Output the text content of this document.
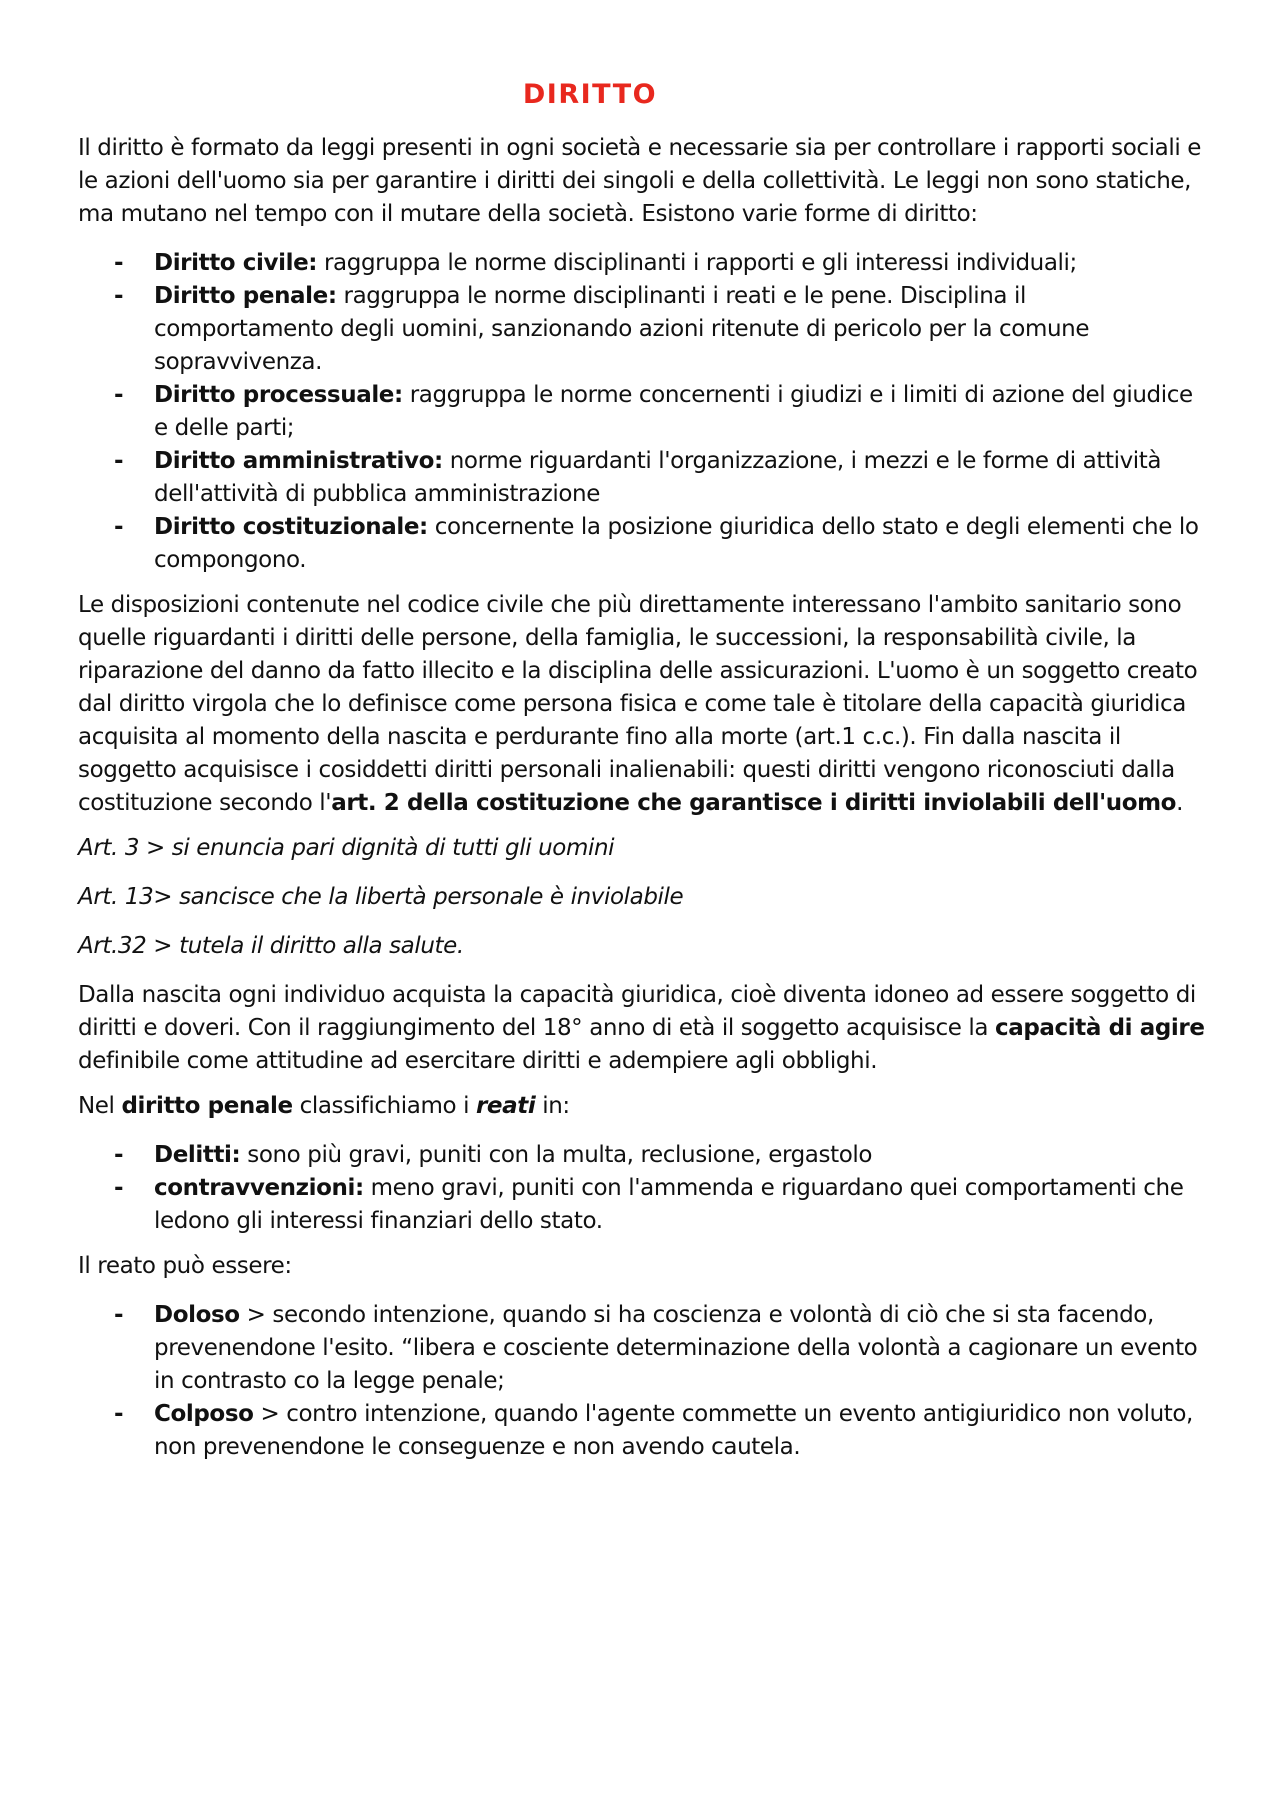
DIRITTO

Il diritto è formato da leggi presenti in ogni società e necessarie sia per controllare i rapporti sociali e le azioni dell'uomo sia per garantire i diritti dei singoli e della collettività. Le leggi non sono statiche, ma mutano nel tempo con il mutare della società. Esistono varie forme di diritto:

- Diritto civile: raggruppa le norme disciplinanti i rapporti e gli interessi individuali;
- Diritto penale: raggruppa le norme disciplinanti i reati e le pene. Disciplina il comportamento degli uomini, sanzionando azioni ritenute di pericolo per la comune sopravvivenza.
- Diritto processuale: raggruppa le norme concernenti i giudizi e i limiti di azione del giudice e delle parti;
- Diritto amministrativo: norme riguardanti l'organizzazione, i mezzi e le forme di attività dell'attività di pubblica amministrazione
- Diritto costituzionale: concernente la posizione giuridica dello stato e degli elementi che lo compongono.

Le disposizioni contenute nel codice civile che più direttamente interessano l'ambito sanitario sono quelle riguardanti i diritti delle persone, della famiglia, le successioni, la responsabilità civile, la riparazione del danno da fatto illecito e la disciplina delle assicurazioni. L'uomo è un soggetto creato dal diritto virgola che lo definisce come persona fisica e come tale è titolare della capacità giuridica acquisita al momento della nascita e perdurante fino alla morte (art.1 c.c.). Fin dalla nascita il soggetto acquisisce i cosiddetti diritti personali inalienabili: questi diritti vengono riconosciuti dalla costituzione secondo l'art. 2 della costituzione che garantisce i diritti inviolabili dell'uomo.

Art. 3 > si enuncia pari dignità di tutti gli uomini

Art. 13> sancisce che la libertà personale è inviolabile

Art.32 > tutela il diritto alla salute.

Dalla nascita ogni individuo acquista la capacità giuridica, cioè diventa idoneo ad essere soggetto di diritti e doveri. Con il raggiungimento del 18° anno di età il soggetto acquisisce la capacità di agire definibile come attitudine ad esercitare diritti e adempiere agli obblighi.

Nel diritto penale classifichiamo i reati in:

- Delitti: sono più gravi, puniti con la multa, reclusione, ergastolo
- contravvenzioni: meno gravi, puniti con l'ammenda e riguardano quei comportamenti che ledono gli interessi finanziari dello stato.

Il reato può essere:

- Doloso > secondo intenzione, quando si ha coscienza e volontà di ciò che si sta facendo, prevenendone l'esito. “libera e cosciente determinazione della volontà a cagionare un evento in contrasto co la legge penale;
- Colposo > contro intenzione, quando l'agente commette un evento antigiuridico non voluto, non prevenendone le conseguenze e non avendo cautela.
